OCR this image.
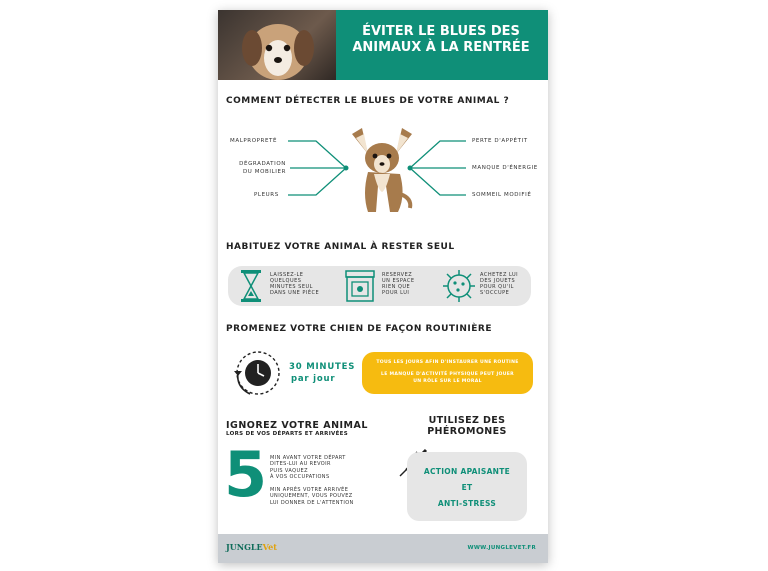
ÉVITER LE BLUES DES
ANIMAUX À LA RENTRÉE
COMMENT DÉTECTER LE BLUES DE VOTRE ANIMAL ?
MALPROPRETÉ
DÉGRADATION
DU MOBILIER
PLEURS
PERTE D'APPÉTIT
MANQUE D'ÉNERGIE
SOMMEIL MODIFIÉ
HABITUEZ VOTRE ANIMAL À RESTER SEUL
LAISSEZ-LE
QUELQUES
MINUTES SEUL
DANS UNE PIÈCE
RESERVEZ
UN ESPACE
RIEN QUE
POUR LUI
ACHETEZ LUI
DES JOUETS
POUR QU'IL
S'OCCUPE
PROMENEZ VOTRE CHIEN DE FAÇON ROUTINIÈRE
30 MINUTES
par jour
TOUS LES JOURS AFIN D'INSTAURER UNE ROUTINE
LE MANQUE D'ACTIVITÉ PHYSIQUE PEUT JOUER
UN RÔLE SUR LE MORAL
IGNOREZ VOTRE ANIMAL
LORS DE VOS DÉPARTS ET ARRIVÉES
5 MIN AVANT VOTRE DÉPART
DITES-LUI AU REVOIR
PUIS VAQUEZ
À VOS OCCUPATIONS
MIN APRÈS VOTRE ARRIVÉE
UNIQUEMENT, VOUS POUVEZ
LUI DONNER DE L'ATTENTION
UTILISEZ DES
PHÉROMONES
ACTION APAISANTE
ET
ANTI-STRESS
JUNGLEVet	WWW.JUNGLEVET.FR
